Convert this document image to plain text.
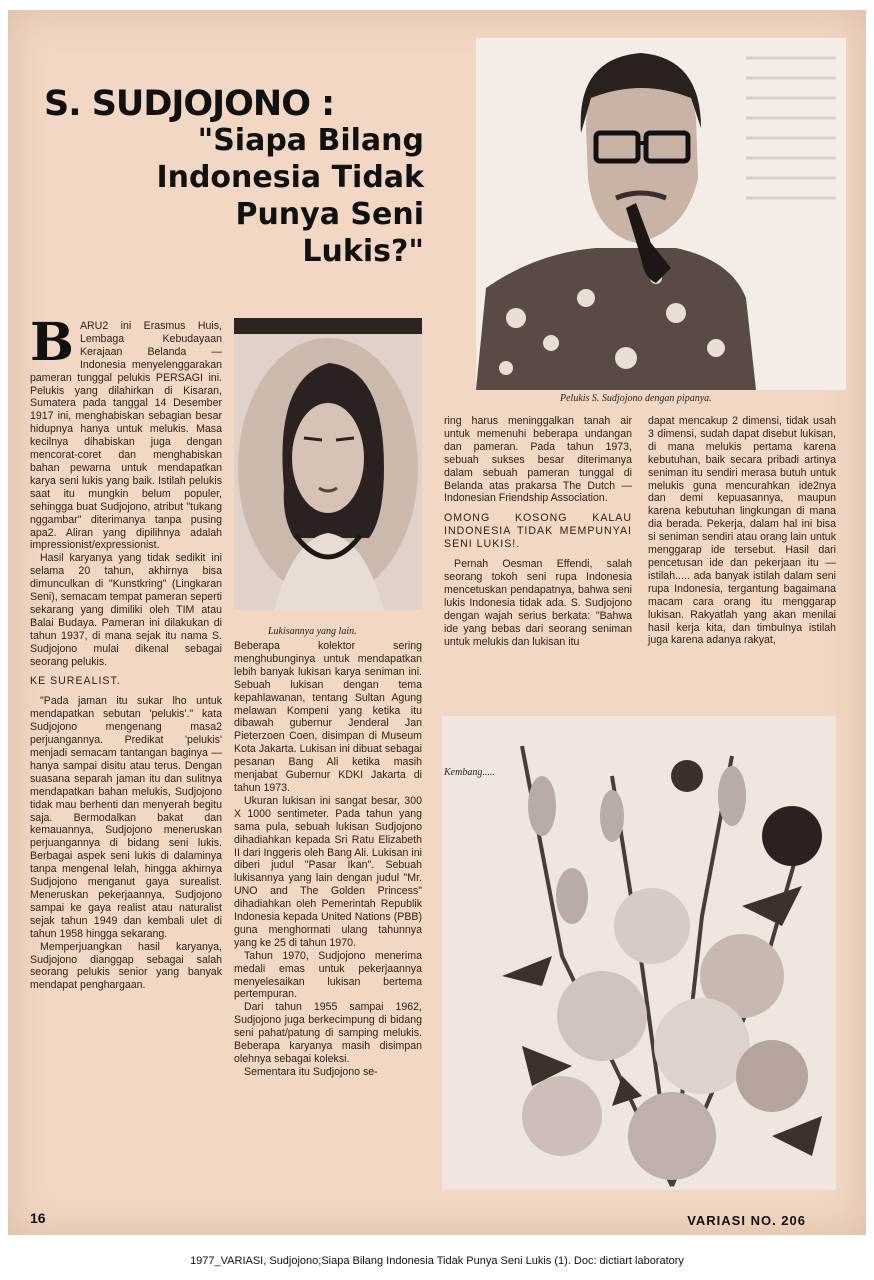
S. SUDJOJONO :
"Siapa Bilang Indonesia Tidak Punya Seni Lukis?"
Pelukis S. Sudjojono dengan pipanya.
Lukisannya yang lain.
Kembang.....
B ARU2 ini Erasmus Huis, Lembaga Kebudayaan Kerajaan Belanda — Indonesia menyelenggarakan pameran tunggal pelukis PERSAGI ini. Pelukis yang dilahirkan di Kisaran, Sumatera pada tanggal 14 Desember 1917 ini, menghabiskan sebagian besar hidupnya hanya untuk melukis. Masa kecilnya dihabiskan juga dengan mencorat-coret dan menghabiskan bahan pewarna untuk mendapatkan karya seni lukis yang baik. Istilah pelukis saat itu mungkin belum populer, sehingga buat Sudjojono, atribut "tukang nggambar" diterimanya tanpa pusing apa2. Aliran yang dipilihnya adalah impressionist/expressionist.

Hasil karyanya yang tidak sedikit ini selama 20 tahun, akhirnya bisa dimunculkan di "Kunstkring" (Lingkaran Seni), semacam tempat pameran seperti sekarang yang dimiliki oleh TIM atau Balai Budaya. Pameran ini dilakukan di tahun 1937, di mana sejak itu nama S. Sudjojono mulai dikenal sebagai seorang pelukis.

KE SUREALIST.

"Pada jaman itu sukar lho untuk mendapatkan sebutan 'pelukis'." kata Sudjojono mengenang masa2 perjuangannya. Predikat 'pelukis' menjadi semacam tantangan baginya — hanya sampai disitu atau terus. Dengan suasana separah jaman itu dan sulitnya mendapatkan bahan melukis, Sudjojono tidak mau berhenti dan menyerah begitu saja. Bermodalkan bakat dan kemauannya, Sudjojono meneruskan perjuangannya di bidang seni lukis. Berbagai aspek seni lukis di dalaminya tanpa mengenal lelah, hingga akhirnya Sudjojono menganut gaya surealist. Meneruskan pekerjaannya, Sudjojono sampai ke gaya realist atau naturalist sejak tahun 1949 dan kembali ulet di tahun 1958 hingga sekarang.

Memperjuangkan hasil karyanya, Sudjojono dianggap sebagai salah seorang pelukis senior yang banyak mendapat penghargaan.

Beberapa kolektor sering menghubunginya untuk mendapatkan lebih banyak lukisan karya seniman ini. Sebuah lukisan dengan tema kepahlawanan, tentang Sultan Agung melawan Kompeni yang ketika itu dibawah gubernur Jenderal Jan Pieterzoen Coen, disimpan di Museum Kota Jakarta. Lukisan ini dibuat sebagai pesanan Bang Ali ketika masih menjabat Gubernur KDKI Jakarta di tahun 1973.

Ukuran lukisan ini sangat besar, 300 X 1000 sentimeter. Pada tahun yang sama pula, sebuah lukisan Sudjojono dihadiahkan kepada Sri Ratu Elizabeth II dari Inggeris oleh Bang Ali. Lukisan ini diberi judul "Pasar Ikan". Sebuah lukisannya yang lain dengan judul "Mr. UNO and The Golden Princess" dihadiahkan oleh Pemerintah Republik Indonesia kepada United Nations (PBB) guna menghormati ulang tahunnya yang ke 25 di tahun 1970.

Tahun 1970, Sudjojono menerima medali emas untuk pekerjaannya menyelesaikan lukisan bertema pertempuran.

Dari tahun 1955 sampai 1962, Sudjojono juga berkecimpung di bidang seni pahat/patung di samping melukis. Beberapa karyanya masih disimpan olehnya sebagai koleksi.

Sementara itu Sudjojono se-

ring harus meninggalkan tanah air untuk memenuhi beberapa undangan dan pameran. Pada tahun 1973, sebuah sukses besar diterimanya dalam sebuah pameran tunggal di Belanda atas prakarsa The Dutch — Indonesian Friendship Association.

OMONG KOSONG KALAU INDONESIA TIDAK MEMPUNYAI SENI LUKIS!.

Pernah Oesman Effendi, salah seorang tokoh seni rupa Indonesia mencetuskan pendapatnya, bahwa seni lukis Indonesia tidak ada. S. Sudjojono dengan wajah serius berkata: "Bahwa ide yang bebas dari seorang seniman untuk melukis dan lukisan itu

dapat mencakup 2 dimensi, tidak usah 3 dimensi, sudah dapat disebut lukisan, di mana melukis pertama karena kebutuhan, baik secara pribadi artinya seniman itu sendiri merasa butuh untuk melukis guna mencurahkan ide2nya dan demi kepuasannya, maupun karena kebutuhan lingkungan di mana dia berada. Pekerja, dalam hal ini bisa si seniman sendiri atau orang lain untuk menggarap ide tersebut. Hasil dari pencetusan ide dan pekerjaan itu — istilah..... ada banyak istilah dalam seni rupa Indonesia, tergantung bagaimana macam cara orang itu menggarap lukisan. Rakyatlah yang akan menilai hasil kerja kita, dan timbulnya istilah juga karena adanya rakyat,

16	VARIASI NO. 206
1977_VARIASI, Sudjojono;Siapa Bilang Indonesia Tidak Punya Seni Lukis (1). Doc: dictiart laboratory
